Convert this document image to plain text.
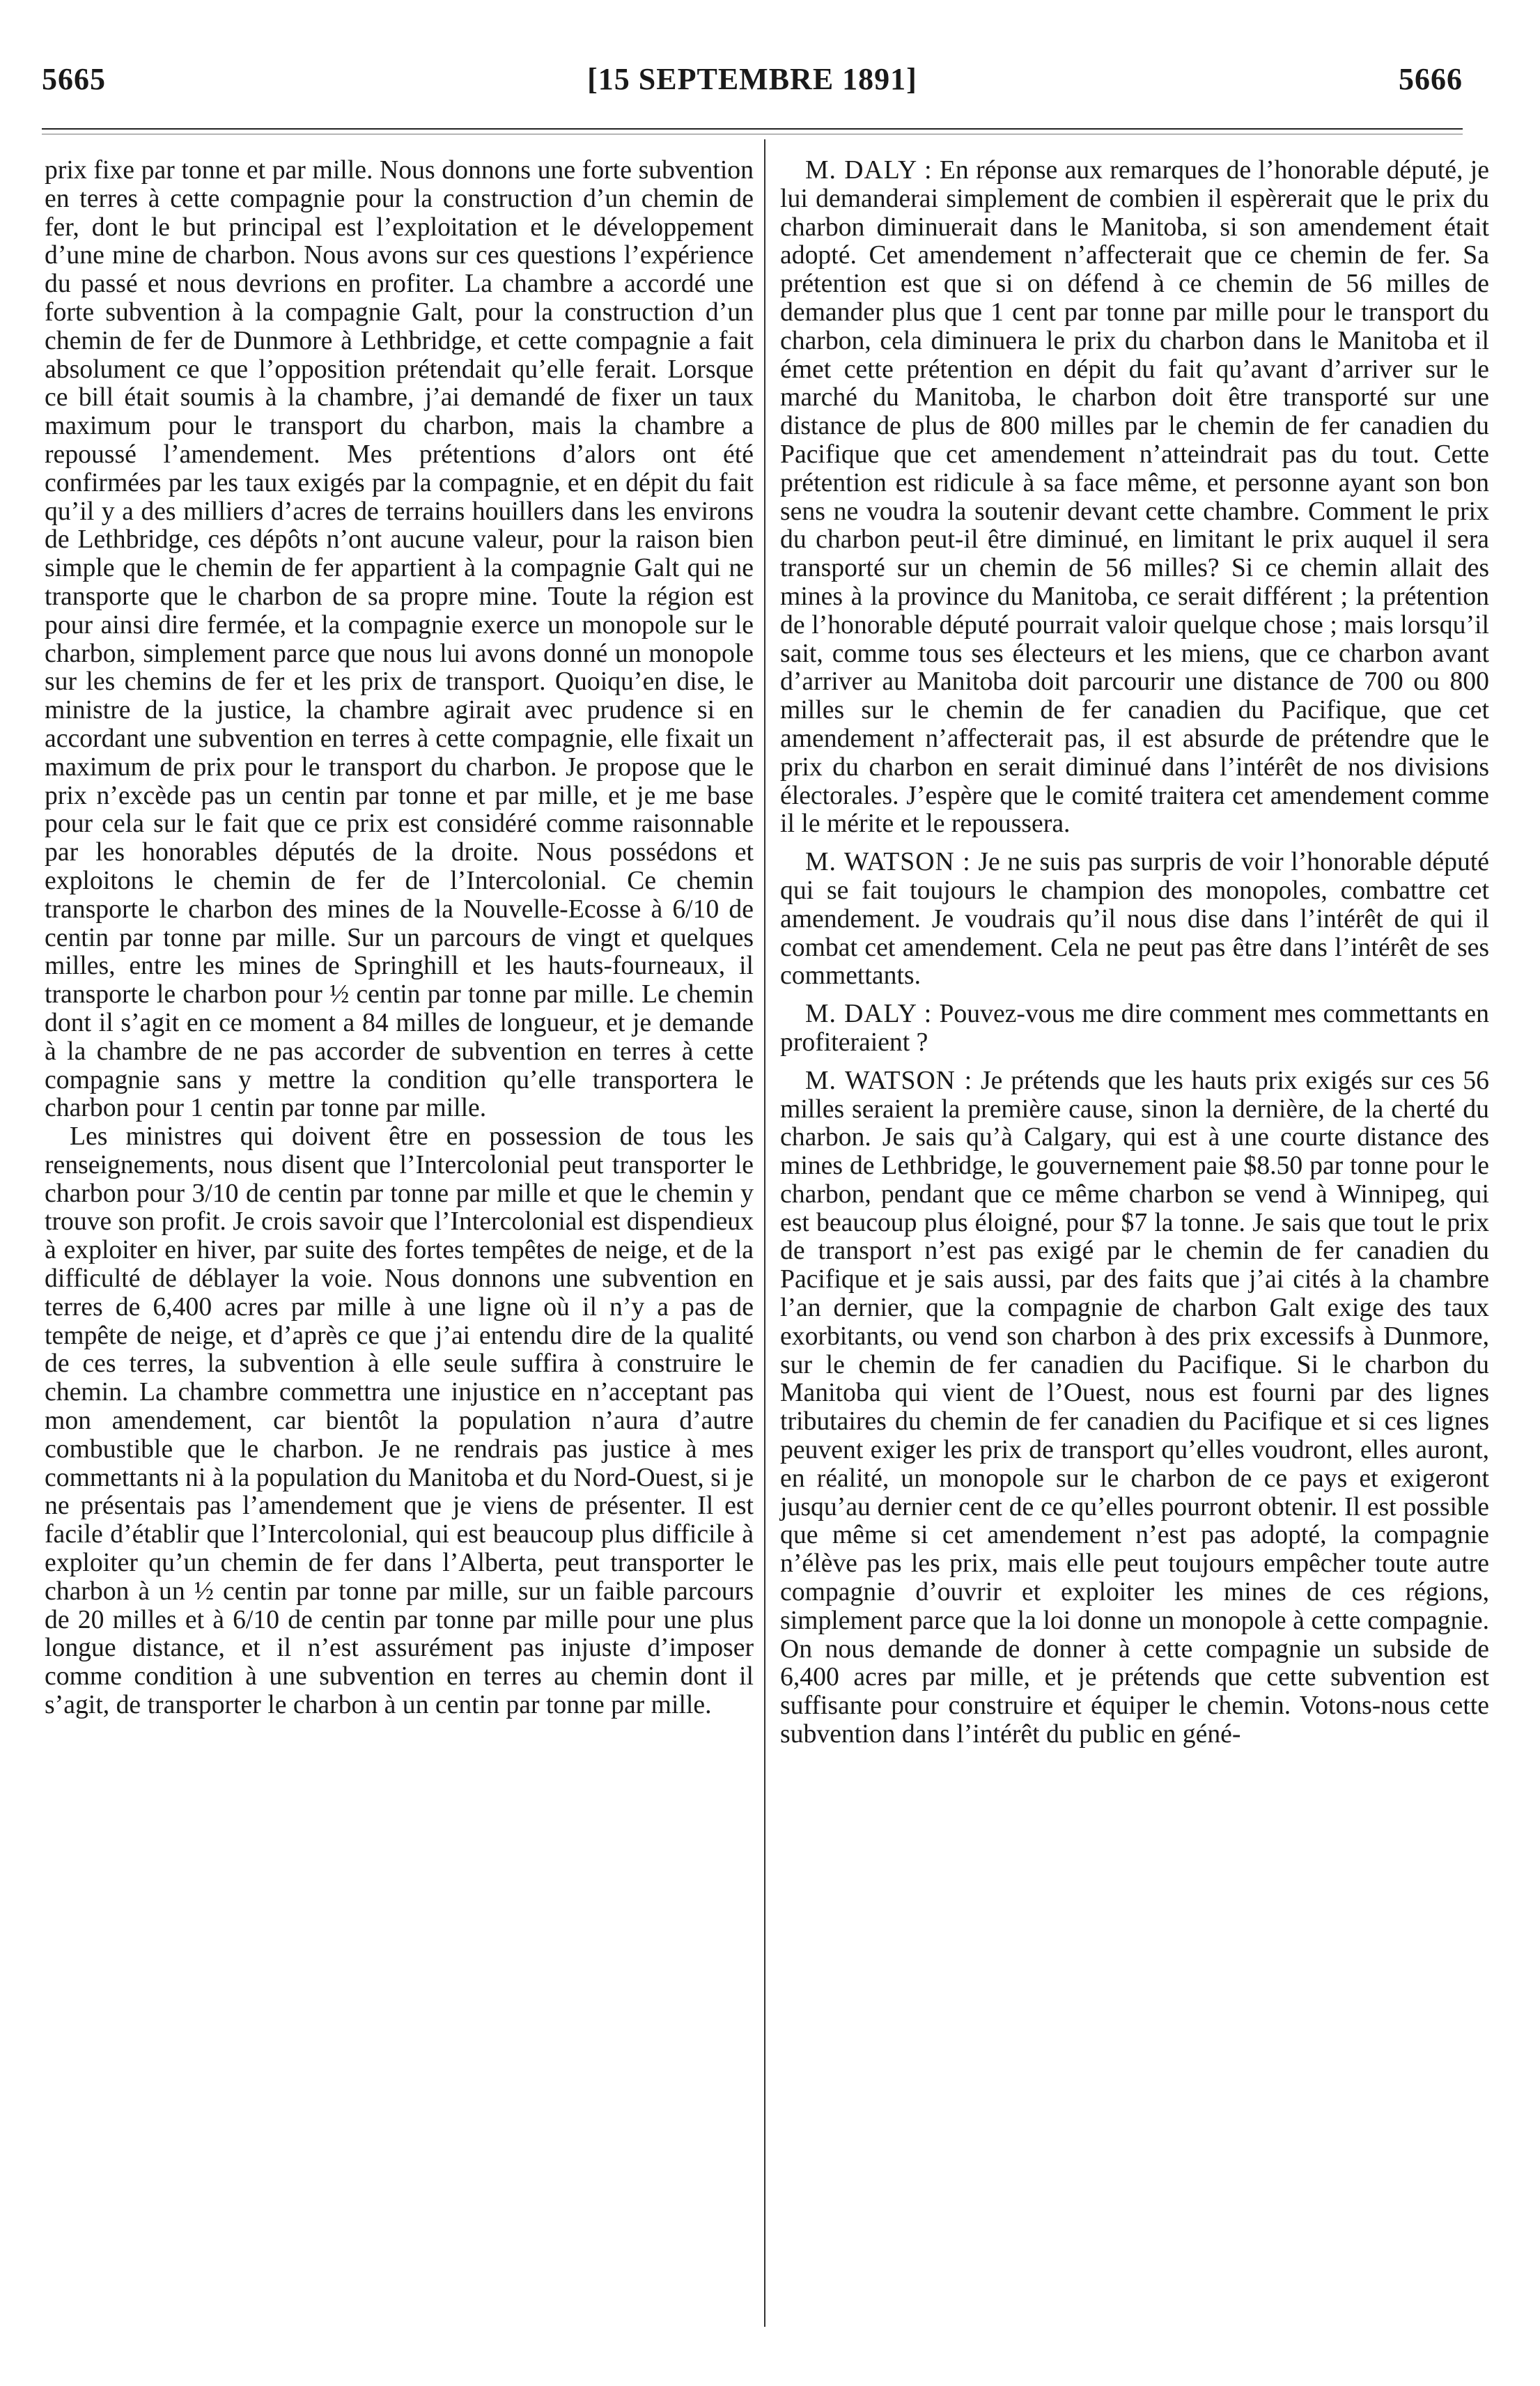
5665	[15 SEPTEMBRE 1891]	5666

prix fixe par tonne et par mille. Nous donnons une forte subvention en terres à cette compagnie pour la construction d’un chemin de fer, dont le but principal est l’exploitation et le développement d’une mine de charbon. Nous avons sur ces questions l’expérience du passé et nous devrions en profiter. La chambre a accordé une forte subvention à la compagnie Galt, pour la construction d’un chemin de fer de Dunmore à Lethbridge, et cette compagnie a fait absolument ce que l’opposition prétendait qu’elle ferait. Lorsque ce bill était soumis à la chambre, j’ai demandé de fixer un taux maximum pour le transport du charbon, mais la chambre a repoussé l’amendement. Mes prétentions d’alors ont été confirmées par les taux exigés par la compagnie, et en dépit du fait qu’il y a des milliers d’acres de terrains houillers dans les environs de Lethbridge, ces dépôts n’ont aucune valeur, pour la raison bien simple que le chemin de fer appartient à la compagnie Galt qui ne transporte que le charbon de sa propre mine. Toute la région est pour ainsi dire fermée, et la compagnie exerce un monopole sur le charbon, simplement parce que nous lui avons donné un monopole sur les chemins de fer et les prix de transport. Quoiqu’en dise, le ministre de la justice, la chambre agirait avec prudence si en accordant une subvention en terres à cette compagnie, elle fixait un maximum de prix pour le transport du charbon. Je propose que le prix n’excède pas un centin par tonne et par mille, et je me base pour cela sur le fait que ce prix est considéré comme raisonnable par les honorables députés de la droite. Nous possédons et exploitons le chemin de fer de l’Intercolonial. Ce chemin transporte le charbon des mines de la Nouvelle-Ecosse à 6/10 de centin par tonne par mille. Sur un parcours de vingt et quelques milles, entre les mines de Springhill et les hauts-fourneaux, il transporte le charbon pour ½ centin par tonne par mille. Le chemin dont il s’agit en ce moment a 84 milles de longueur, et je demande à la chambre de ne pas accorder de subvention en terres à cette compagnie sans y mettre la condition qu’elle transportera le charbon pour 1 centin par tonne par mille.

Les ministres qui doivent être en possession de tous les renseignements, nous disent que l’Intercolonial peut transporter le charbon pour 3/10 de centin par tonne par mille et que le chemin y trouve son profit. Je crois savoir que l’Intercolonial est dispendieux à exploiter en hiver, par suite des fortes tempêtes de neige, et de la difficulté de déblayer la voie. Nous donnons une subvention en terres de 6,400 acres par mille à une ligne où il n’y a pas de tempête de neige, et d’après ce que j’ai entendu dire de la qualité de ces terres, la subvention à elle seule suffira à construire le chemin. La chambre commettra une injustice en n’acceptant pas mon amendement, car bientôt la population n’aura d’autre combustible que le charbon. Je ne rendrais pas justice à mes commettants ni à la population du Manitoba et du Nord-Ouest, si je ne présentais pas l’amendement que je viens de présenter. Il est facile d’établir que l’Intercolonial, qui est beaucoup plus difficile à exploiter qu’un chemin de fer dans l’Alberta, peut transporter le charbon à un ½ centin par tonne par mille, sur un faible parcours de 20 milles et à 6/10 de centin par tonne par mille pour une plus longue distance, et il n’est assurément pas injuste d’imposer comme condition à une subvention en terres au chemin dont il s’agit, de transporter le charbon à un centin par tonne par mille.

M. DALY : En réponse aux remarques de l’honorable député, je lui demanderai simplement de combien il espèrerait que le prix du charbon diminuerait dans le Manitoba, si son amendement était adopté. Cet amendement n’affecterait que ce chemin de fer. Sa prétention est que si on défend à ce chemin de 56 milles de demander plus que 1 cent par tonne par mille pour le transport du charbon, cela diminuera le prix du charbon dans le Manitoba et il émet cette prétention en dépit du fait qu’avant d’arriver sur le marché du Manitoba, le charbon doit être transporté sur une distance de plus de 800 milles par le chemin de fer canadien du Pacifique que cet amendement n’atteindrait pas du tout. Cette prétention est ridicule à sa face même, et personne ayant son bon sens ne voudra la soutenir devant cette chambre. Comment le prix du charbon peut-il être diminué, en limitant le prix auquel il sera transporté sur un chemin de 56 milles? Si ce chemin allait des mines à la province du Manitoba, ce serait différent ; la prétention de l’honorable député pourrait valoir quelque chose ; mais lorsqu’il sait, comme tous ses électeurs et les miens, que ce charbon avant d’arriver au Manitoba doit parcourir une distance de 700 ou 800 milles sur le chemin de fer canadien du Pacifique, que cet amendement n’affecterait pas, il est absurde de prétendre que le prix du charbon en serait diminué dans l’intérêt de nos divisions électorales. J’espère que le comité traitera cet amendement comme il le mérite et le repoussera.

M. WATSON : Je ne suis pas surpris de voir l’honorable député qui se fait toujours le champion des monopoles, combattre cet amendement. Je voudrais qu’il nous dise dans l’intérêt de qui il combat cet amendement. Cela ne peut pas être dans l’intérêt de ses commettants.

M. DALY : Pouvez-vous me dire comment mes commettants en profiteraient ?

M. WATSON : Je prétends que les hauts prix exigés sur ces 56 milles seraient la première cause, sinon la dernière, de la cherté du charbon. Je sais qu’à Calgary, qui est à une courte distance des mines de Lethbridge, le gouvernement paie $8.50 par tonne pour le charbon, pendant que ce même charbon se vend à Winnipeg, qui est beaucoup plus éloigné, pour $7 la tonne. Je sais que tout le prix de transport n’est pas exigé par le chemin de fer canadien du Pacifique et je sais aussi, par des faits que j’ai cités à la chambre l’an dernier, que la compagnie de charbon Galt exige des taux exorbitants, ou vend son charbon à des prix excessifs à Dunmore, sur le chemin de fer canadien du Pacifique. Si le charbon du Manitoba qui vient de l’Ouest, nous est fourni par des lignes tributaires du chemin de fer canadien du Pacifique et si ces lignes peuvent exiger les prix de transport qu’elles voudront, elles auront, en réalité, un monopole sur le charbon de ce pays et exigeront jusqu’au dernier cent de ce qu’elles pourront obtenir. Il est possible que même si cet amendement n’est pas adopté, la compagnie n’élève pas les prix, mais elle peut toujours empêcher toute autre compagnie d’ouvrir et exploiter les mines de ces régions, simplement parce que la loi donne un monopole à cette compagnie. On nous demande de donner à cette compagnie un subside de 6,400 acres par mille, et je prétends que cette subvention est suffisante pour construire et équiper le chemin. Votons-nous cette subvention dans l’intérêt du public en géné-
